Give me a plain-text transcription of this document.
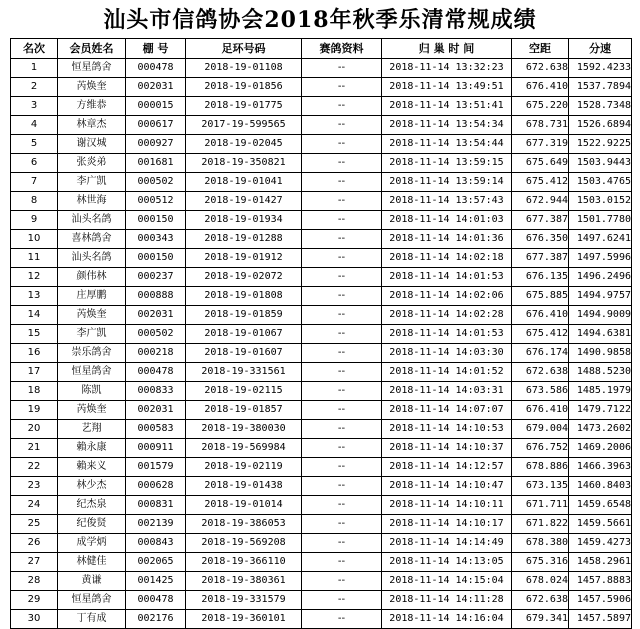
汕头市信鸽协会2018年秋季乐清常规成绩
名次	会员姓名	棚 号	足环号码	赛鸽资料	归 巢 时 间	空距	分速
1	恒星鸽舍	000478	2018-19-01108	--	2018-11-14 13:32:23	672.638	1592.4233
2	芮焕奎	002031	2018-19-01856	--	2018-11-14 13:49:51	676.410	1537.7894
3	方维恭	000015	2018-19-01775	--	2018-11-14 13:51:41	675.220	1528.7348
4	林章杰	000617	2017-19-599565	--	2018-11-14 13:54:34	678.731	1526.6894
5	谢汉城	000927	2018-19-02045	--	2018-11-14 13:54:44	677.319	1522.9225
6	张炎弟	001681	2018-19-350821	--	2018-11-14 13:59:15	675.649	1503.9443
7	李广凯	000502	2018-19-01041	--	2018-11-14 13:59:14	675.412	1503.4765
8	林世海	000512	2018-19-01427	--	2018-11-14 13:57:43	672.944	1503.0152
9	汕头名鸽	000150	2018-19-01934	--	2018-11-14 14:01:03	677.387	1501.7780
10	喜林鸽舍	000343	2018-19-01288	--	2018-11-14 14:01:36	676.350	1497.6241
11	汕头名鸽	000150	2018-19-01912	--	2018-11-14 14:02:18	677.387	1497.5996
12	颜伟林	000237	2018-19-02072	--	2018-11-14 14:01:53	676.135	1496.2496
13	庄厚鹏	000888	2018-19-01808	--	2018-11-14 14:02:06	675.885	1494.9757
14	芮焕奎	002031	2018-19-01859	--	2018-11-14 14:02:28	676.410	1494.9009
15	李广凯	000502	2018-19-01067	--	2018-11-14 14:01:53	675.412	1494.6381
16	崇乐鸽舍	000218	2018-19-01607	--	2018-11-14 14:03:30	676.174	1490.9858
17	恒星鸽舍	000478	2018-19-331561	--	2018-11-14 14:01:52	672.638	1488.5230
18	陈凯	000833	2018-19-02115	--	2018-11-14 14:03:31	673.586	1485.1979
19	芮焕奎	002031	2018-19-01857	--	2018-11-14 14:07:07	676.410	1479.7122
20	艺翔	000583	2018-19-380030	--	2018-11-14 14:10:53	679.004	1473.2602
21	賴永康	000911	2018-19-569984	--	2018-11-14 14:10:37	676.752	1469.2006
22	賴来义	001579	2018-19-02119	--	2018-11-14 14:12:57	678.886	1466.3963
23	林少杰	000628	2018-19-01438	--	2018-11-14 14:10:47	673.135	1460.8403
24	纪杰泉	000831	2018-19-01014	--	2018-11-14 14:10:11	671.711	1459.6548
25	纪俊贤	002139	2018-19-386053	--	2018-11-14 14:10:17	671.822	1459.5661
26	成学炳	000843	2018-19-569208	--	2018-11-14 14:14:49	678.380	1459.4273
27	林健佳	002065	2018-19-366110	--	2018-11-14 14:13:05	675.316	1458.2961
28	黄谦	001425	2018-19-380361	--	2018-11-14 14:15:04	678.024	1457.8883
29	恒星鸽舍	000478	2018-19-331579	--	2018-11-14 14:11:28	672.638	1457.5906
30	丁有成	002176	2018-19-360101	--	2018-11-14 14:16:04	679.341	1457.5897
